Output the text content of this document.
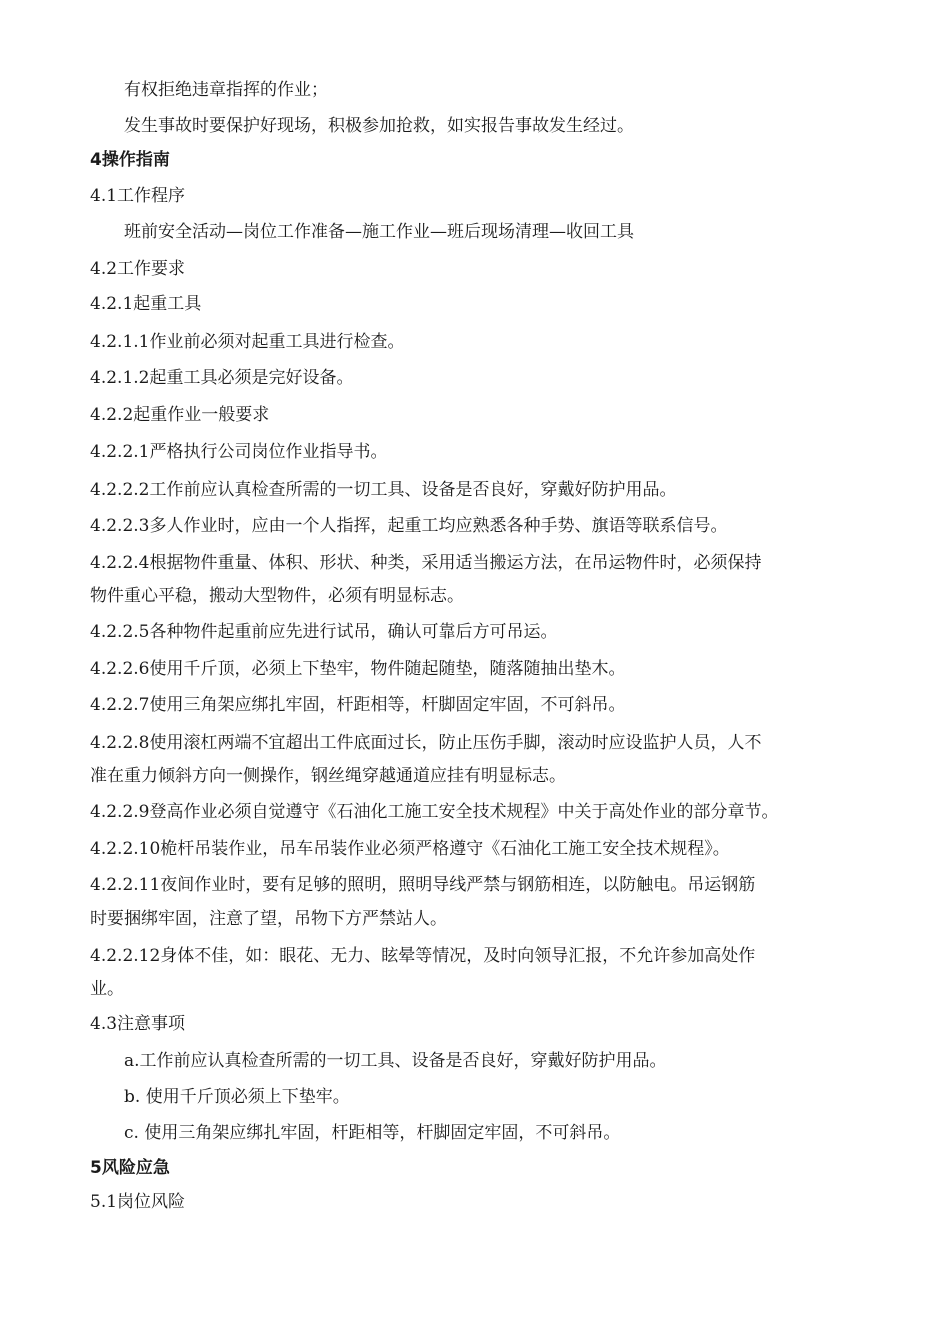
有权拒绝违章指挥的作业；
发生事故时要保护好现场，积极参加抢救，如实报告事故发生经过。
4操作指南
4.1工作程序
班前安全活动—岗位工作准备—施工作业—班后现场清理—收回工具
4.2工作要求
4.2.1起重工具
4.2.1.1作业前必须对起重工具进行检查。
4.2.1.2起重工具必须是完好设备。
4.2.2起重作业一般要求
4.2.2.1严格执行公司岗位作业指导书。
4.2.2.2工作前应认真检查所需的一切工具、设备是否良好，穿戴好防护用品。
4.2.2.3多人作业时，应由一个人指挥，起重工均应熟悉各种手势、旗语等联系信号。
4.2.2.4根据物件重量、体积、形状、种类，采用适当搬运方法，在吊运物件时，必须保持
物件重心平稳，搬动大型物件，必须有明显标志。
4.2.2.5各种物件起重前应先进行试吊，确认可靠后方可吊运。
4.2.2.6使用千斤顶，必须上下垫牢，物件随起随垫，随落随抽出垫木。
4.2.2.7使用三角架应绑扎牢固，杆距相等，杆脚固定牢固，不可斜吊。
4.2.2.8使用滚杠两端不宜超出工件底面过长，防止压伤手脚，滚动时应设监护人员，人不
准在重力倾斜方向一侧操作，钢丝绳穿越通道应挂有明显标志。
4.2.2.9登高作业必须自觉遵守《石油化工施工安全技术规程》中关于高处作业的部分章节。
4.2.2.10桅杆吊装作业，吊车吊装作业必须严格遵守《石油化工施工安全技术规程》。
4.2.2.11夜间作业时，要有足够的照明，照明导线严禁与钢筋相连，以防触电。吊运钢筋
时要捆绑牢固，注意了望，吊物下方严禁站人。
4.2.2.12身体不佳，如：眼花、无力、眩晕等情况，及时向领导汇报，不允许参加高处作
业。
4.3注意事项
a.工作前应认真检查所需的一切工具、设备是否良好，穿戴好防护用品。
b. 使用千斤顶必须上下垫牢。
c. 使用三角架应绑扎牢固，杆距相等，杆脚固定牢固，不可斜吊。
5风险应急
5.1岗位风险
